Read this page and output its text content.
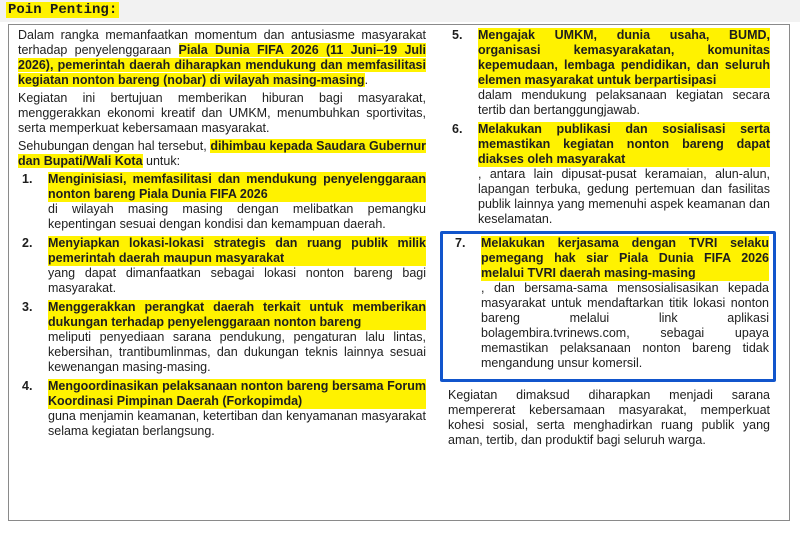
Poin Penting:

Dalam rangka memanfaatkan momentum dan antusiasme masyarakat terhadap penyelenggaraan Piala Dunia FIFA 2026 (11 Juni–19 Juli 2026), pemerintah daerah diharapkan mendukung dan memfasilitasi kegiatan nonton bareng (nobar) di wilayah masing-masing.

Kegiatan ini bertujuan memberikan hiburan bagi masyarakat, menggerakkan ekonomi kreatif dan UMKM, menumbuhkan sportivitas, serta memperkuat kebersamaan masyarakat.

Sehubungan dengan hal tersebut, dihimbau kepada Saudara Gubernur dan Bupati/Wali Kota untuk:

1. Menginisiasi, memfasilitasi dan mendukung penyelenggaraan nonton bareng Piala Dunia FIFA 2026
di wilayah masing masing dengan melibatkan pemangku kepentingan sesuai dengan kondisi dan kemampuan daerah.
2. Menyiapkan lokasi-lokasi strategis dan ruang publik milik pemerintah daerah maupun masyarakat
yang dapat dimanfaatkan sebagai lokasi nonton bareng bagi masyarakat.
3. Menggerakkan perangkat daerah terkait untuk memberikan dukungan terhadap penyelenggaraan nonton bareng
meliputi penyediaan sarana pendukung, pengaturan lalu lintas, kebersihan, trantibumlinmas, dan dukungan teknis lainnya sesuai kewenangan masing-masing.
4. Mengoordinasikan pelaksanaan nonton bareng bersama Forum Koordinasi Pimpinan Daerah (Forkopimda)
guna menjamin keamanan, ketertiban dan kenyamanan masyarakat selama kegiatan berlangsung.
5. Mengajak UMKM, dunia usaha, BUMD, organisasi kemasyarakatan, komunitas kepemudaan, lembaga pendidikan, dan seluruh elemen masyarakat untuk berpartisipasi
dalam mendukung pelaksanaan kegiatan secara tertib dan bertanggungjawab.
6. Melakukan publikasi dan sosialisasi serta memastikan kegiatan nonton bareng dapat diakses oleh masyarakat
, antara lain dipusat-pusat keramaian, alun-alun, lapangan terbuka, gedung pertemuan dan fasilitas publik lainnya yang memenuhi aspek keamanan dan keselamatan.
7. Melakukan kerjasama dengan TVRI selaku pemegang hak siar Piala Dunia FIFA 2026 melalui TVRI daerah masing-masing
, dan bersama-sama mensosialisasikan kepada masyarakat untuk mendaftarkan titik lokasi nonton bareng melalui link aplikasi bolagembira.tvrinews.com, sebagai upaya memastikan pelaksanaan nonton bareng tidak mengandung unsur komersil.

Kegiatan dimaksud diharapkan menjadi sarana mempererat kebersamaan masyarakat, memperkuat kohesi sosial, serta menghadirkan ruang publik yang aman, tertib, dan produktif bagi seluruh warga.
